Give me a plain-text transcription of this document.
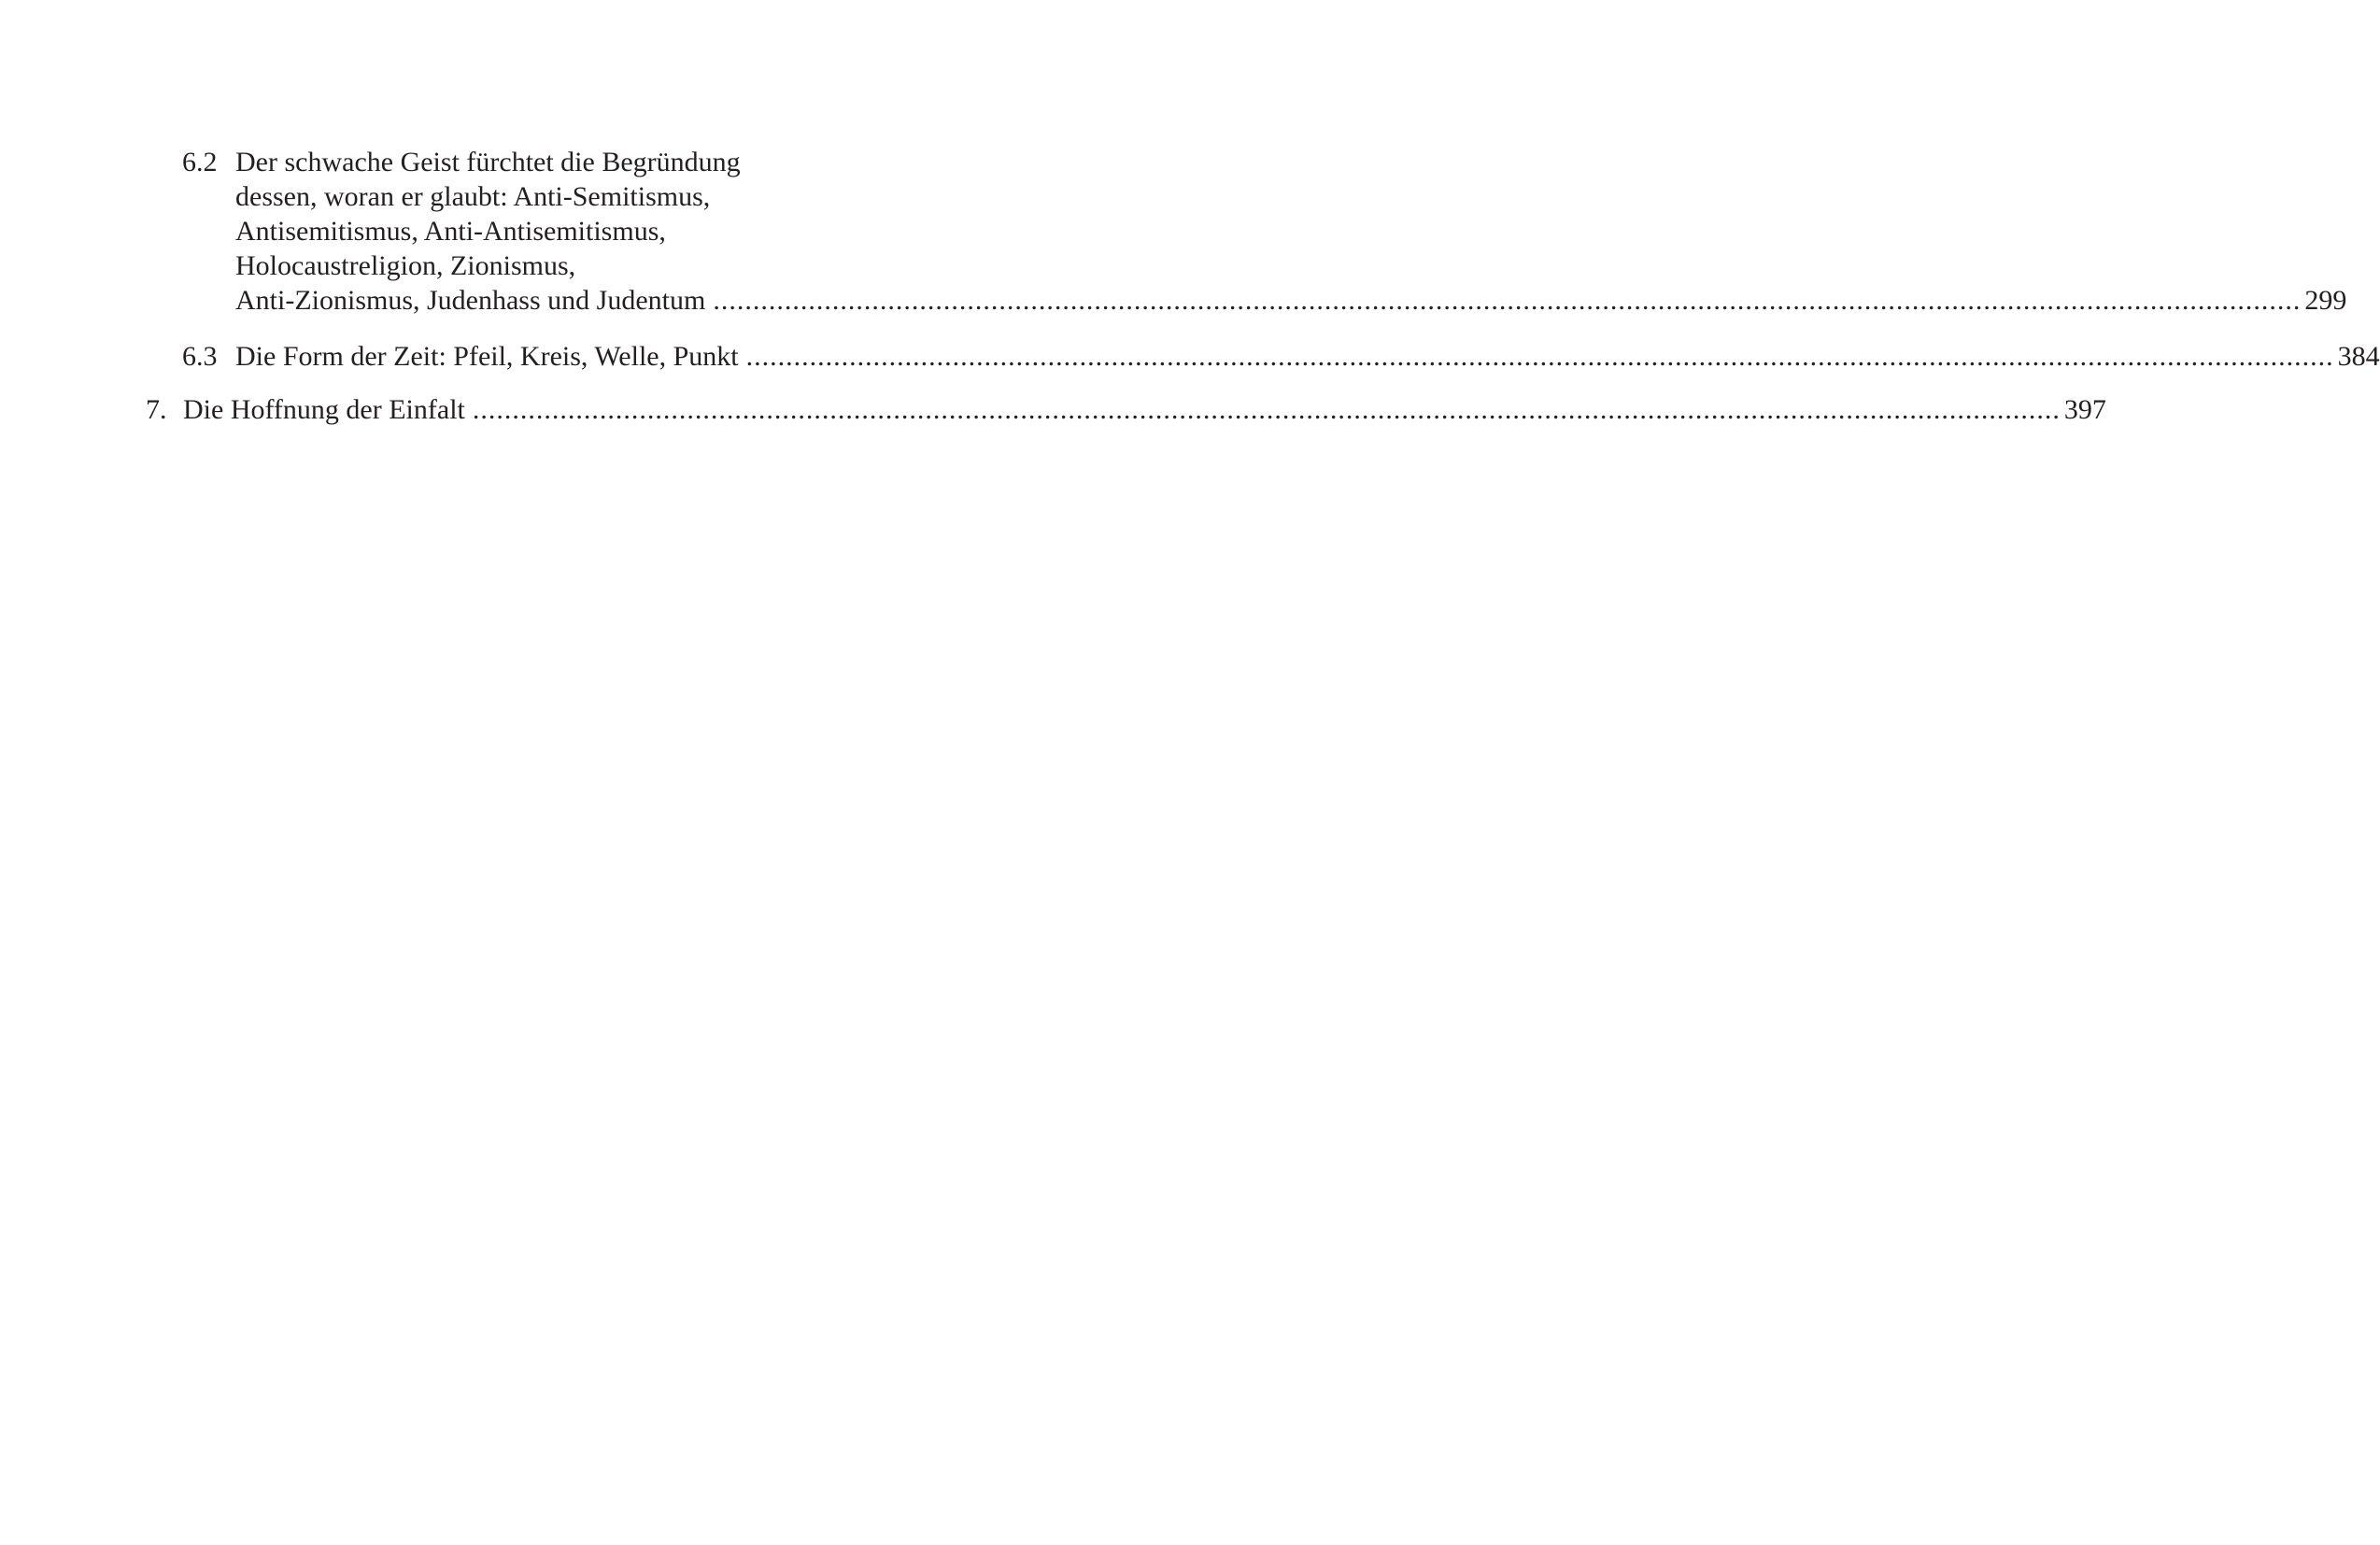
6.2 Der schwache Geist fürchtet die Begründung
dessen, woran er glaubt: Anti-Semitismus,
Antisemitismus, Anti-Antisemitismus,
Holocaustreligion, Zionismus,
Anti-Zionismus, Judenhass und Judentum ........................................................................................................................................................................................................ 299
6.3 Die Form der Zeit: Pfeil, Kreis, Welle, Punkt ........................................................................................................................................................................................................ 384
7. Die Hoffnung der Einfalt ........................................................................................................................................................................................................ 397
